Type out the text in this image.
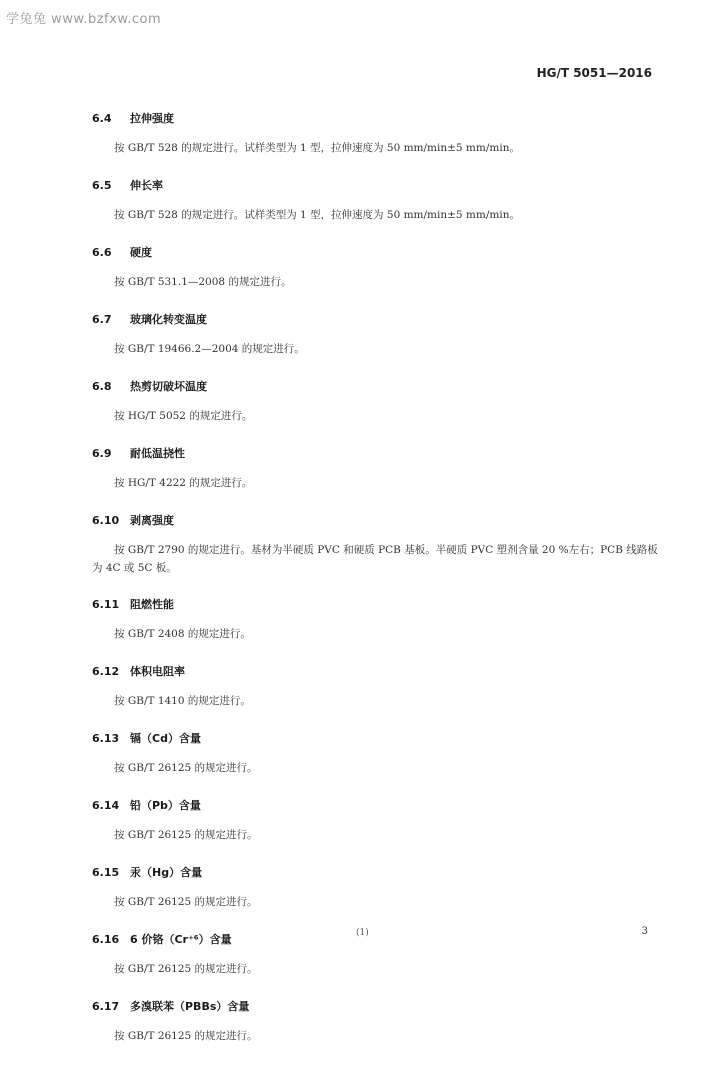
学兔兔 www.bzfxw.com
HG/T 5051—2016
6.4 拉伸强度
按 GB/T 528 的规定进行。试样类型为 1 型，拉伸速度为 50 mm/min±5 mm/min。
6.5 伸长率
按 GB/T 528 的规定进行。试样类型为 1 型，拉伸速度为 50 mm/min±5 mm/min。
6.6 硬度
按 GB/T 531.1—2008 的规定进行。
6.7 玻璃化转变温度
按 GB/T 19466.2—2004 的规定进行。
6.8 热剪切破坏温度
按 HG/T 5052 的规定进行。
6.9 耐低温挠性
按 HG/T 4222 的规定进行。
6.10 剥离强度
按 GB/T 2790 的规定进行。基材为半硬质 PVC 和硬质 PCB 基板。半硬质 PVC 塑剂含量 20 %左右；PCB 线路板为 4C 或 5C 板。
6.11 阻燃性能
按 GB/T 2408 的规定进行。
6.12 体积电阻率
按 GB/T 1410 的规定进行。
6.13 镉（Cd）含量
按 GB/T 26125 的规定进行。
6.14 铅（Pb）含量
按 GB/T 26125 的规定进行。
6.15 汞（Hg）含量
按 GB/T 26125 的规定进行。
6.16 6 价铬（Cr⁺⁶）含量
按 GB/T 26125 的规定进行。
6.17 多溴联苯（PBBs）含量
按 GB/T 26125 的规定进行。
(1)	3
